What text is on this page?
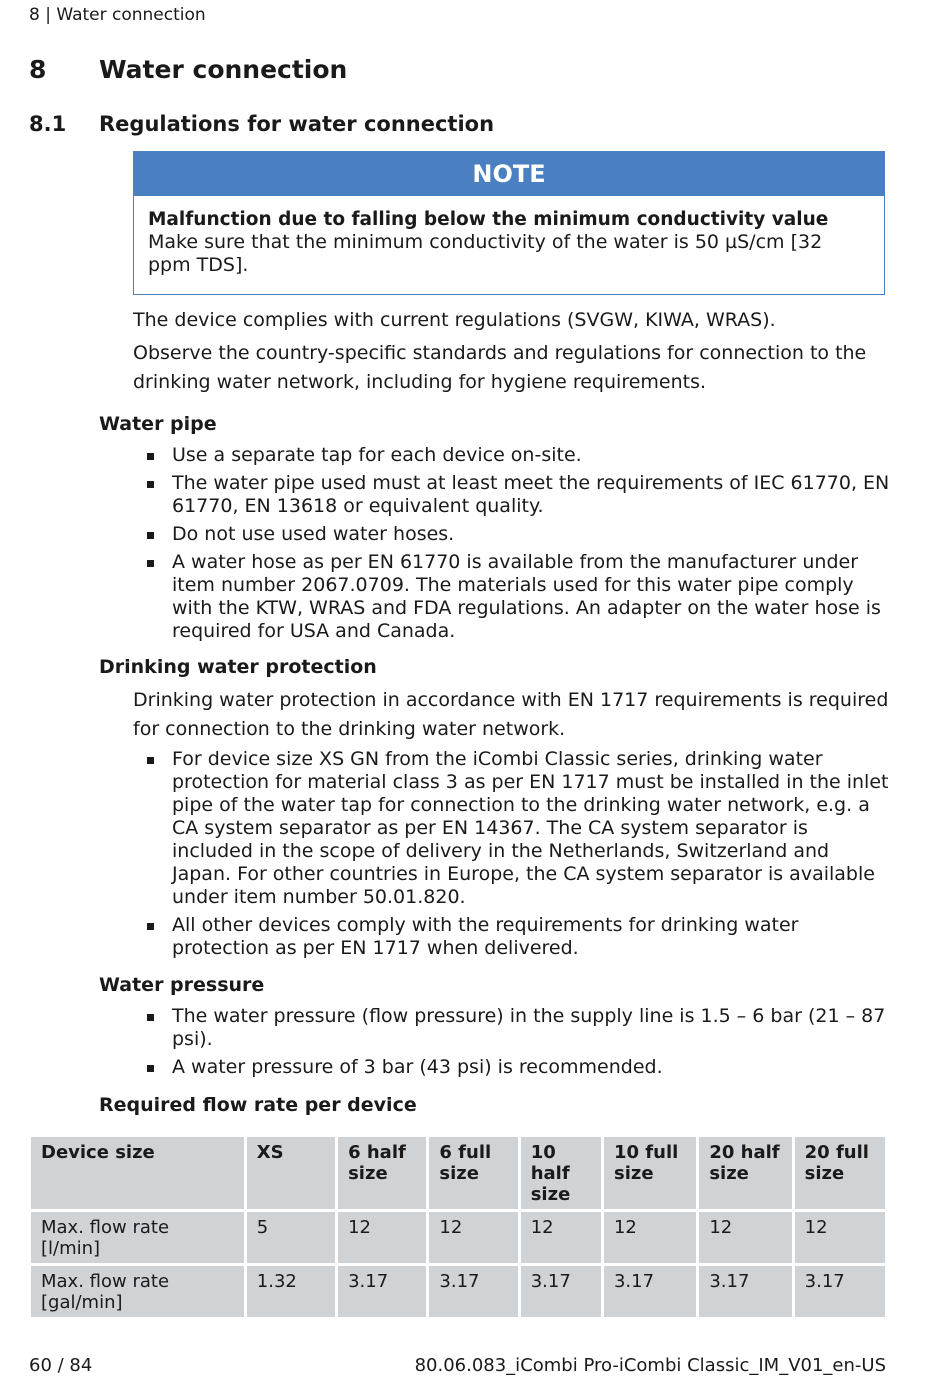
8 | Water connection
8 Water connection
8.1 Regulations for water connection
NOTE
Malfunction due to falling below the minimum conductivity value
Make sure that the minimum conductivity of the water is 50 µS/cm [32 ppm TDS].
The device complies with current regulations (SVGW, KIWA, WRAS).
Observe the country-specific standards and regulations for connection to the drinking water network, including for hygiene requirements.
Water pipe
Use a separate tap for each device on-site.
The water pipe used must at least meet the requirements of IEC 61770, EN 61770, EN 13618 or equivalent quality.
Do not use used water hoses.
A water hose as per EN 61770 is available from the manufacturer under item number 2067.0709. The materials used for this water pipe comply with the KTW, WRAS and FDA regulations. An adapter on the water hose is required for USA and Canada.
Drinking water protection
Drinking water protection in accordance with EN 1717 requirements is required for connection to the drinking water network.
For device size XS GN from the iCombi Classic series, drinking water protection for material class 3 as per EN 1717 must be installed in the inlet pipe of the water tap for connection to the drinking water network, e.g. a CA system separator as per EN 14367. The CA system separator is included in the scope of delivery in the Netherlands, Switzerland and Japan. For other countries in Europe, the CA system separator is available under item number 50.01.820.
All other devices comply with the requirements for drinking water protection as per EN 1717 when delivered.
Water pressure
The water pressure (flow pressure) in the supply line is 1.5 – 6 bar (21 – 87 psi).
A water pressure of 3 bar (43 psi) is recommended.
Required flow rate per device
Device size	XS	6 half size	6 full size	10 half size	10 full size	20 half size	20 full size
Max. flow rate [l/min]	5	12	12	12	12	12	12
Max. flow rate [gal/min]	1.32	3.17	3.17	3.17	3.17	3.17	3.17
60 / 84	80.06.083_iCombi Pro-iCombi Classic_IM_V01_en-US
